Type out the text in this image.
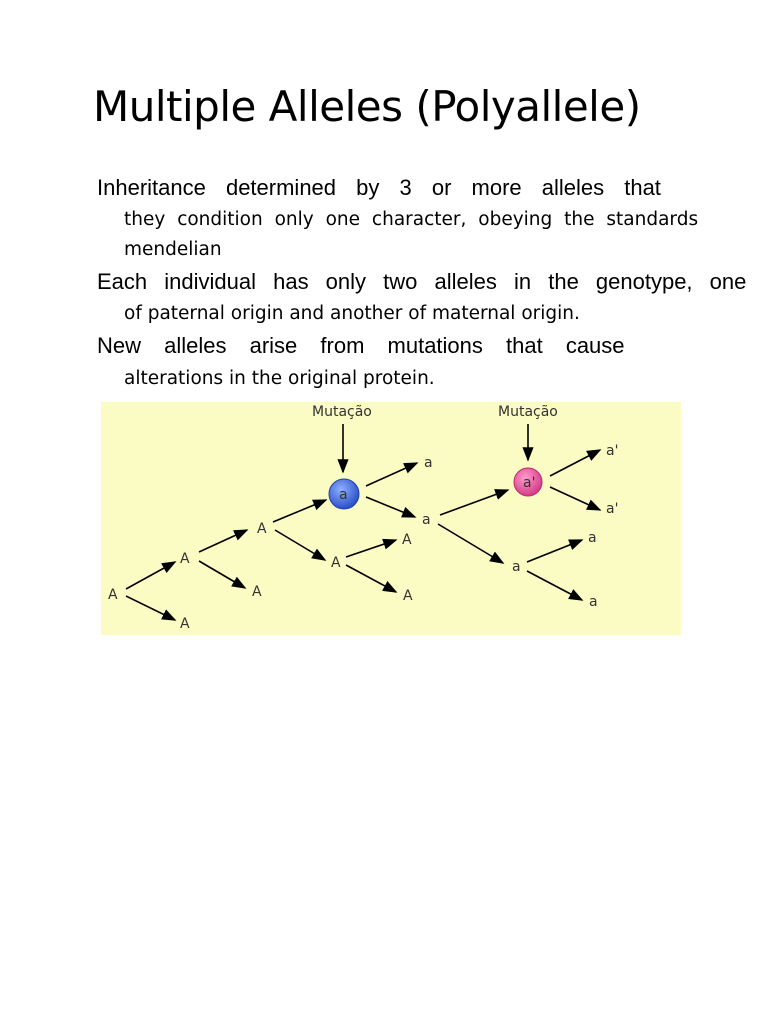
Multiple Alleles (Polyallele)
Inheritance determined by 3 or more alleles that
they condition only one character, obeying the standards
mendelian
Each individual has only two alleles in the genotype, one
of paternal origin and another of maternal origin.
New alleles arise from mutations that cause
alterations in the original protein.
Mutação	Mutação
a
a'
A
A
A
A
A
A
A
A
a
a
a
a
a
a'
a'
